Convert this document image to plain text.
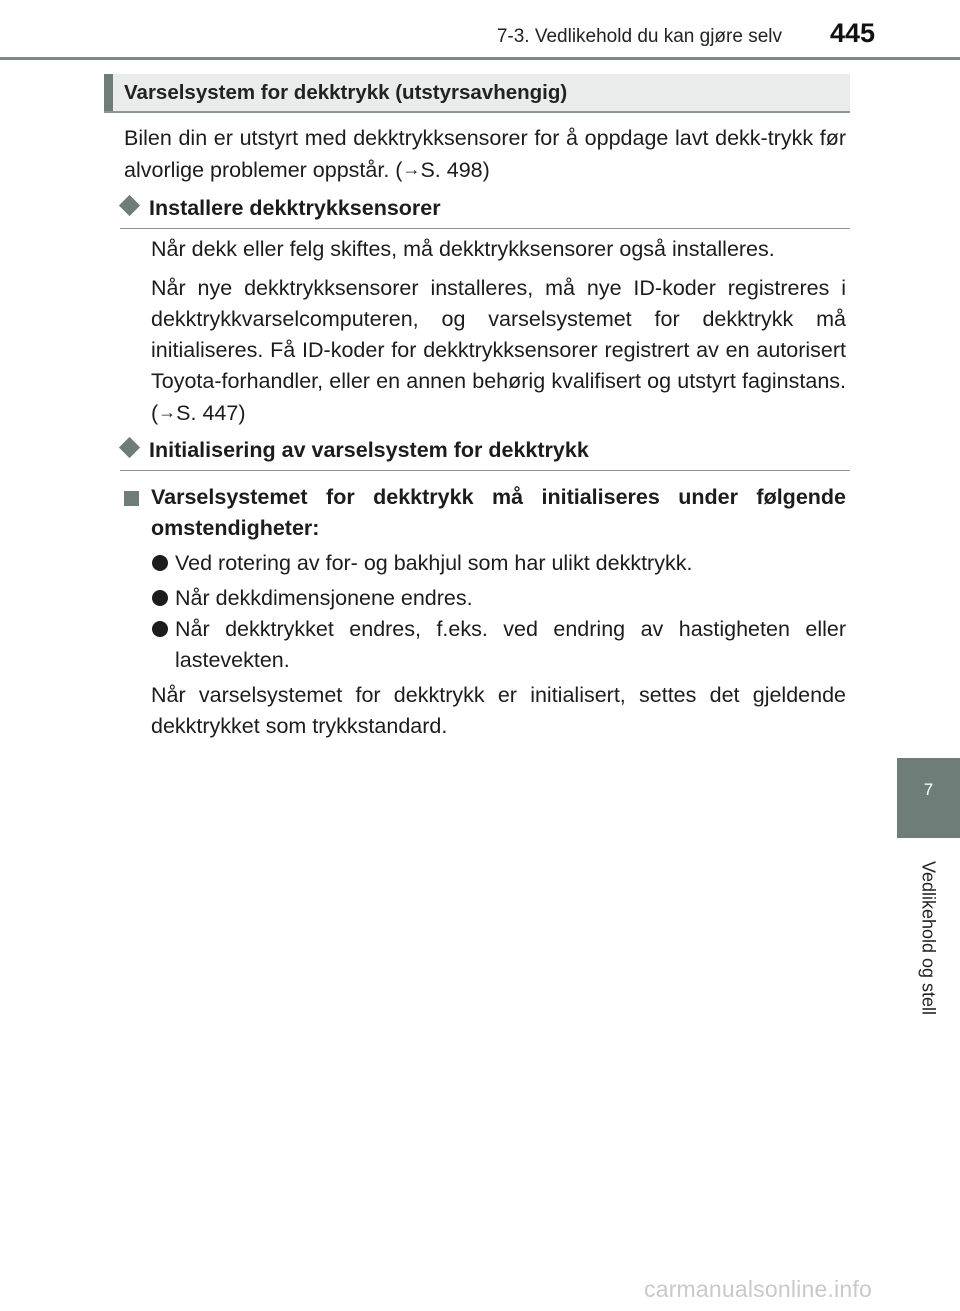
7-3. Vedlikehold du kan gjøre selv 445
Varselsystem for dekktrykk (utstyrsavhengig)
Bilen din er utstyrt med dekktrykksensorer for å oppdage lavt dekk-trykk før alvorlige problemer oppstår. (→S. 498)
Installere dekktrykksensorer
Når dekk eller felg skiftes, må dekktrykksensorer også installeres.
Når nye dekktrykksensorer installeres, må nye ID-koder registreres i dekktrykkvarselcomputeren, og varselsystemet for dekktrykk må initialiseres. Få ID-koder for dekktrykksensorer registrert av en autorisert Toyota-forhandler, eller en annen behørig kvalifisert og utstyrt faginstans. (→S. 447)
Initialisering av varselsystem for dekktrykk
Varselsystemet for dekktrykk må initialiseres under følgende omstendigheter:
Ved rotering av for- og bakhjul som har ulikt dekktrykk.
Når dekkdimensjonene endres.
Når dekktrykket endres, f.eks. ved endring av hastigheten eller lastevekten.
Når varselsystemet for dekktrykk er initialisert, settes det gjeldende dekktrykket som trykkstandard.
7
Vedlikehold og stell
carmanualsonline.info
